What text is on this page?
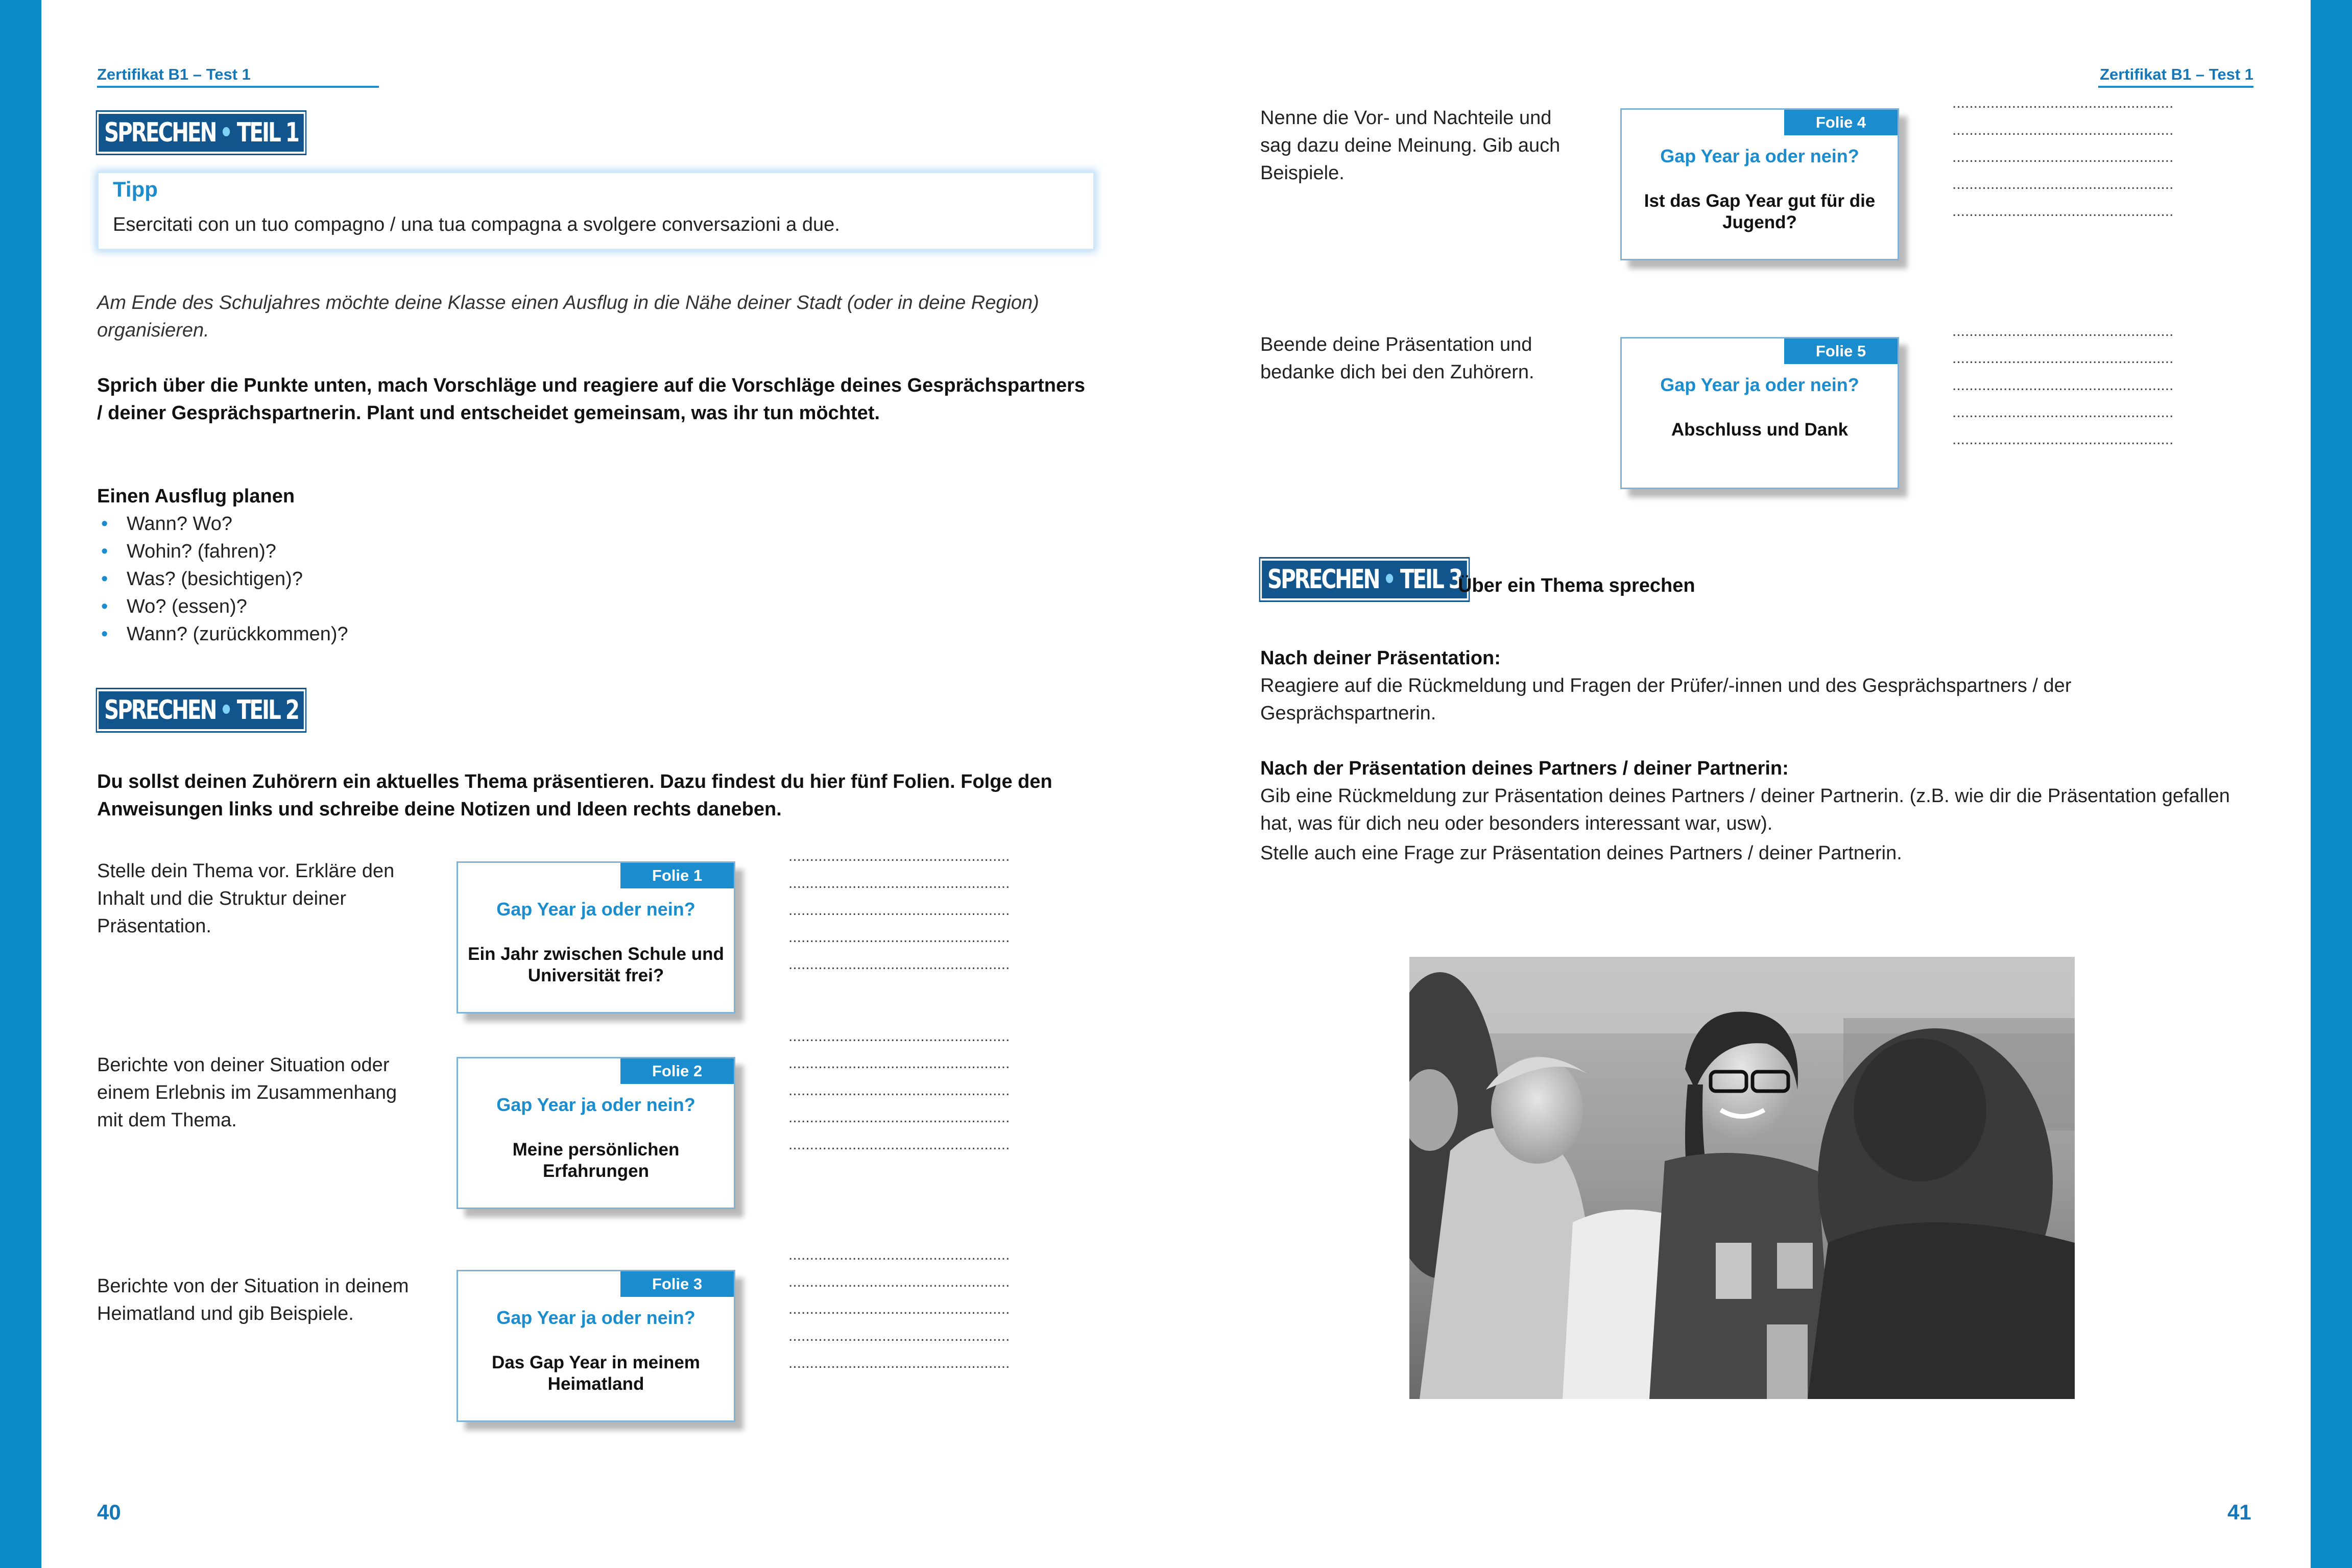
Zertifikat B1 – Test 1
SPRECHEN • TEIL 1
Tipp
Esercitati con un tuo compagno / una tua compagna a svolgere conversazioni a due.
Am Ende des Schuljahres möchte deine Klasse einen Ausflug in die Nähe deiner Stadt (oder in deine Region) organisieren.
Sprich über die Punkte unten, mach Vorschläge und reagiere auf die Vorschläge deines Gesprächspartners / deiner Gesprächspartnerin. Plant und entscheidet gemeinsam, was ihr tun möchtet.
Einen Ausflug planen
• Wann? Wo?
• Wohin? (fahren)?
• Was? (besichtigen)?
• Wo? (essen)?
• Wann? (zurückkommen)?
SPRECHEN • TEIL 2
Du sollst deinen Zuhörern ein aktuelles Thema präsentieren. Dazu findest du hier fünf Folien. Folge den Anweisungen links und schreibe deine Notizen und Ideen rechts daneben.
Stelle dein Thema vor. Erkläre den Inhalt und die Struktur deiner Präsentation.
Folie 1
Gap Year ja oder nein?
Ein Jahr zwischen Schule und Universität frei?
....................................................
....................................................
....................................................
....................................................
....................................................
Berichte von deiner Situation oder einem Erlebnis im Zusammenhang mit dem Thema.
Folie 2
Gap Year ja oder nein?
Meine persönlichen Erfahrungen
....................................................
....................................................
....................................................
....................................................
....................................................
Berichte von der Situation in deinem Heimatland und gib Beispiele.
Folie 3
Gap Year ja oder nein?
Das Gap Year in meinem Heimatland
....................................................
....................................................
....................................................
....................................................
....................................................
40
Zertifikat B1 – Test 1
Nenne die Vor- und Nachteile und sag dazu deine Meinung. Gib auch Beispiele.
Folie 4
Gap Year ja oder nein?
Ist das Gap Year gut für die Jugend?
....................................................
....................................................
....................................................
....................................................
....................................................
Beende deine Präsentation und bedanke dich bei den Zuhörern.
Folie 5
Gap Year ja oder nein?
Abschluss und Dank
....................................................
....................................................
....................................................
....................................................
....................................................
SPRECHEN • TEIL 3
Über ein Thema sprechen
Nach deiner Präsentation:
Reagiere auf die Rückmeldung und Fragen der Prüfer/-innen und des Gesprächspartners / der Gesprächspartnerin.
Nach der Präsentation deines Partners / deiner Partnerin:
Gib eine Rückmeldung zur Präsentation deines Partners / deiner Partnerin. (z.B. wie dir die Präsentation gefallen hat, was für dich neu oder besonders interessant war, usw).
Stelle auch eine Frage zur Präsentation deines Partners / deiner Partnerin.
41
